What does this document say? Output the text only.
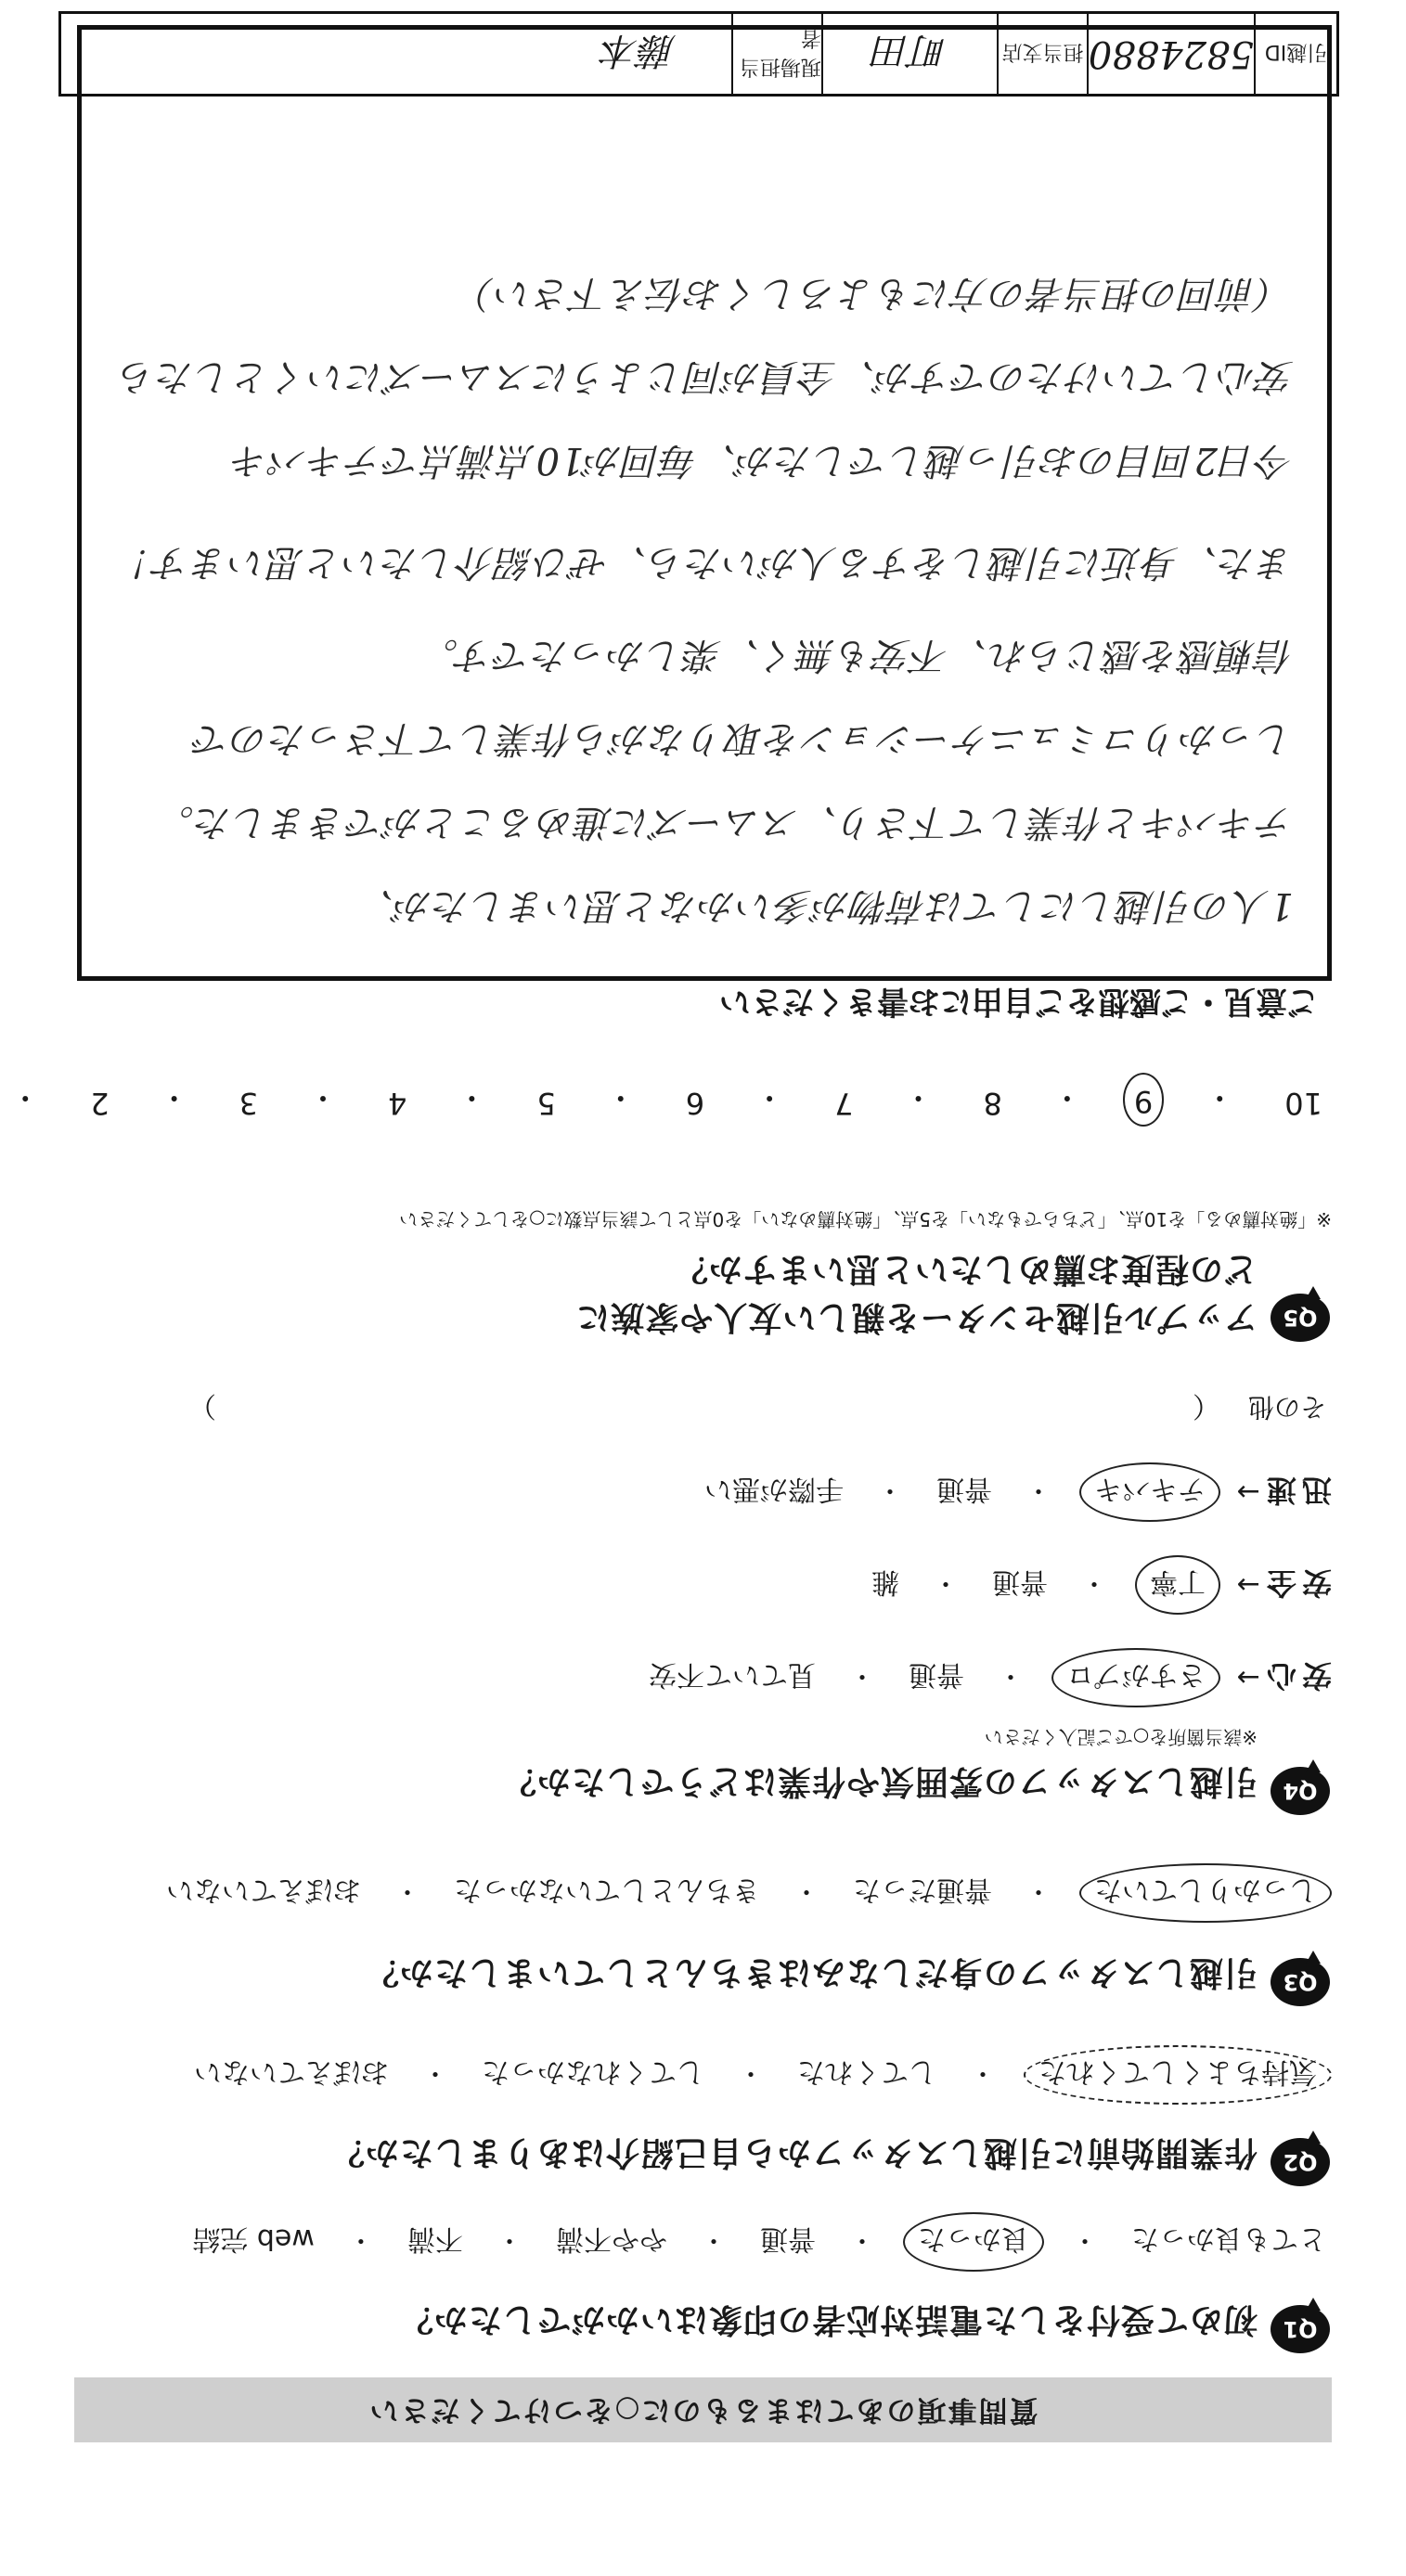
質問事項のあてはまるものに○をつけてください
Q1
初めて受付をした電話対応者の印象はいかがでしたか？
とても良かった
・
良かった
・
普通
・
やや不満
・
不満
・
web 完結
Q2
作業開始前に引越しスタッフから自己紹介はありましたか？
気持ちよくしてくれた
・
してくれた
・
してくれなかった
・
おぼえていない
Q3
引越しスタッフの身だしなみはきちんとしていましたか？
しっかりしていた
・
普通だった
・
きちんとしていなかった
・
おぼえていない
Q4
引越しスタッフの雰囲気や作業はどうでしたか？
※該当箇所を○でご記入ください
安心
→
さすがプロ
・
普通
・
見ていて不安
安全
→
丁寧
・
普通
・
雑
迅速
→
テキパキ
・
普通
・
手際が悪い
その他
（
）
Q5
アップル引越センターを親しい友人や家族に
どの程度お薦めしたいと思いますか？
※「絶対薦める」を10点、「どちらでもない」を5点、「絶対薦めない」を0点として該当点数に○をしてください
10
・
9
・
8
・
7
・
6
・
5
・
4
・
3
・
2
・
ご意見・ご感想をご自由にお書きください
1人の引越しにしては荷物が多いかなと思いましたが、
テキパキと作業して下さり、スムーズに進めることができました。
しっかりコミュニケーションを取りながら作業して下さったので
信頼感を感じられ、不安も無く、楽しかったです。
また、身近に引越しをする人がいたら、ぜひ紹介したいと思います！
今日2回目のお引っ越しでしたが、毎回が10点満点でテキパキ
安心していけたのですが、全員が同じようにスムーズにいくとしたら
（前回の担当者の方にもよろしくお伝え下さい）
引越ID
5824880
担当支店
町田
現場担当者
藤本
